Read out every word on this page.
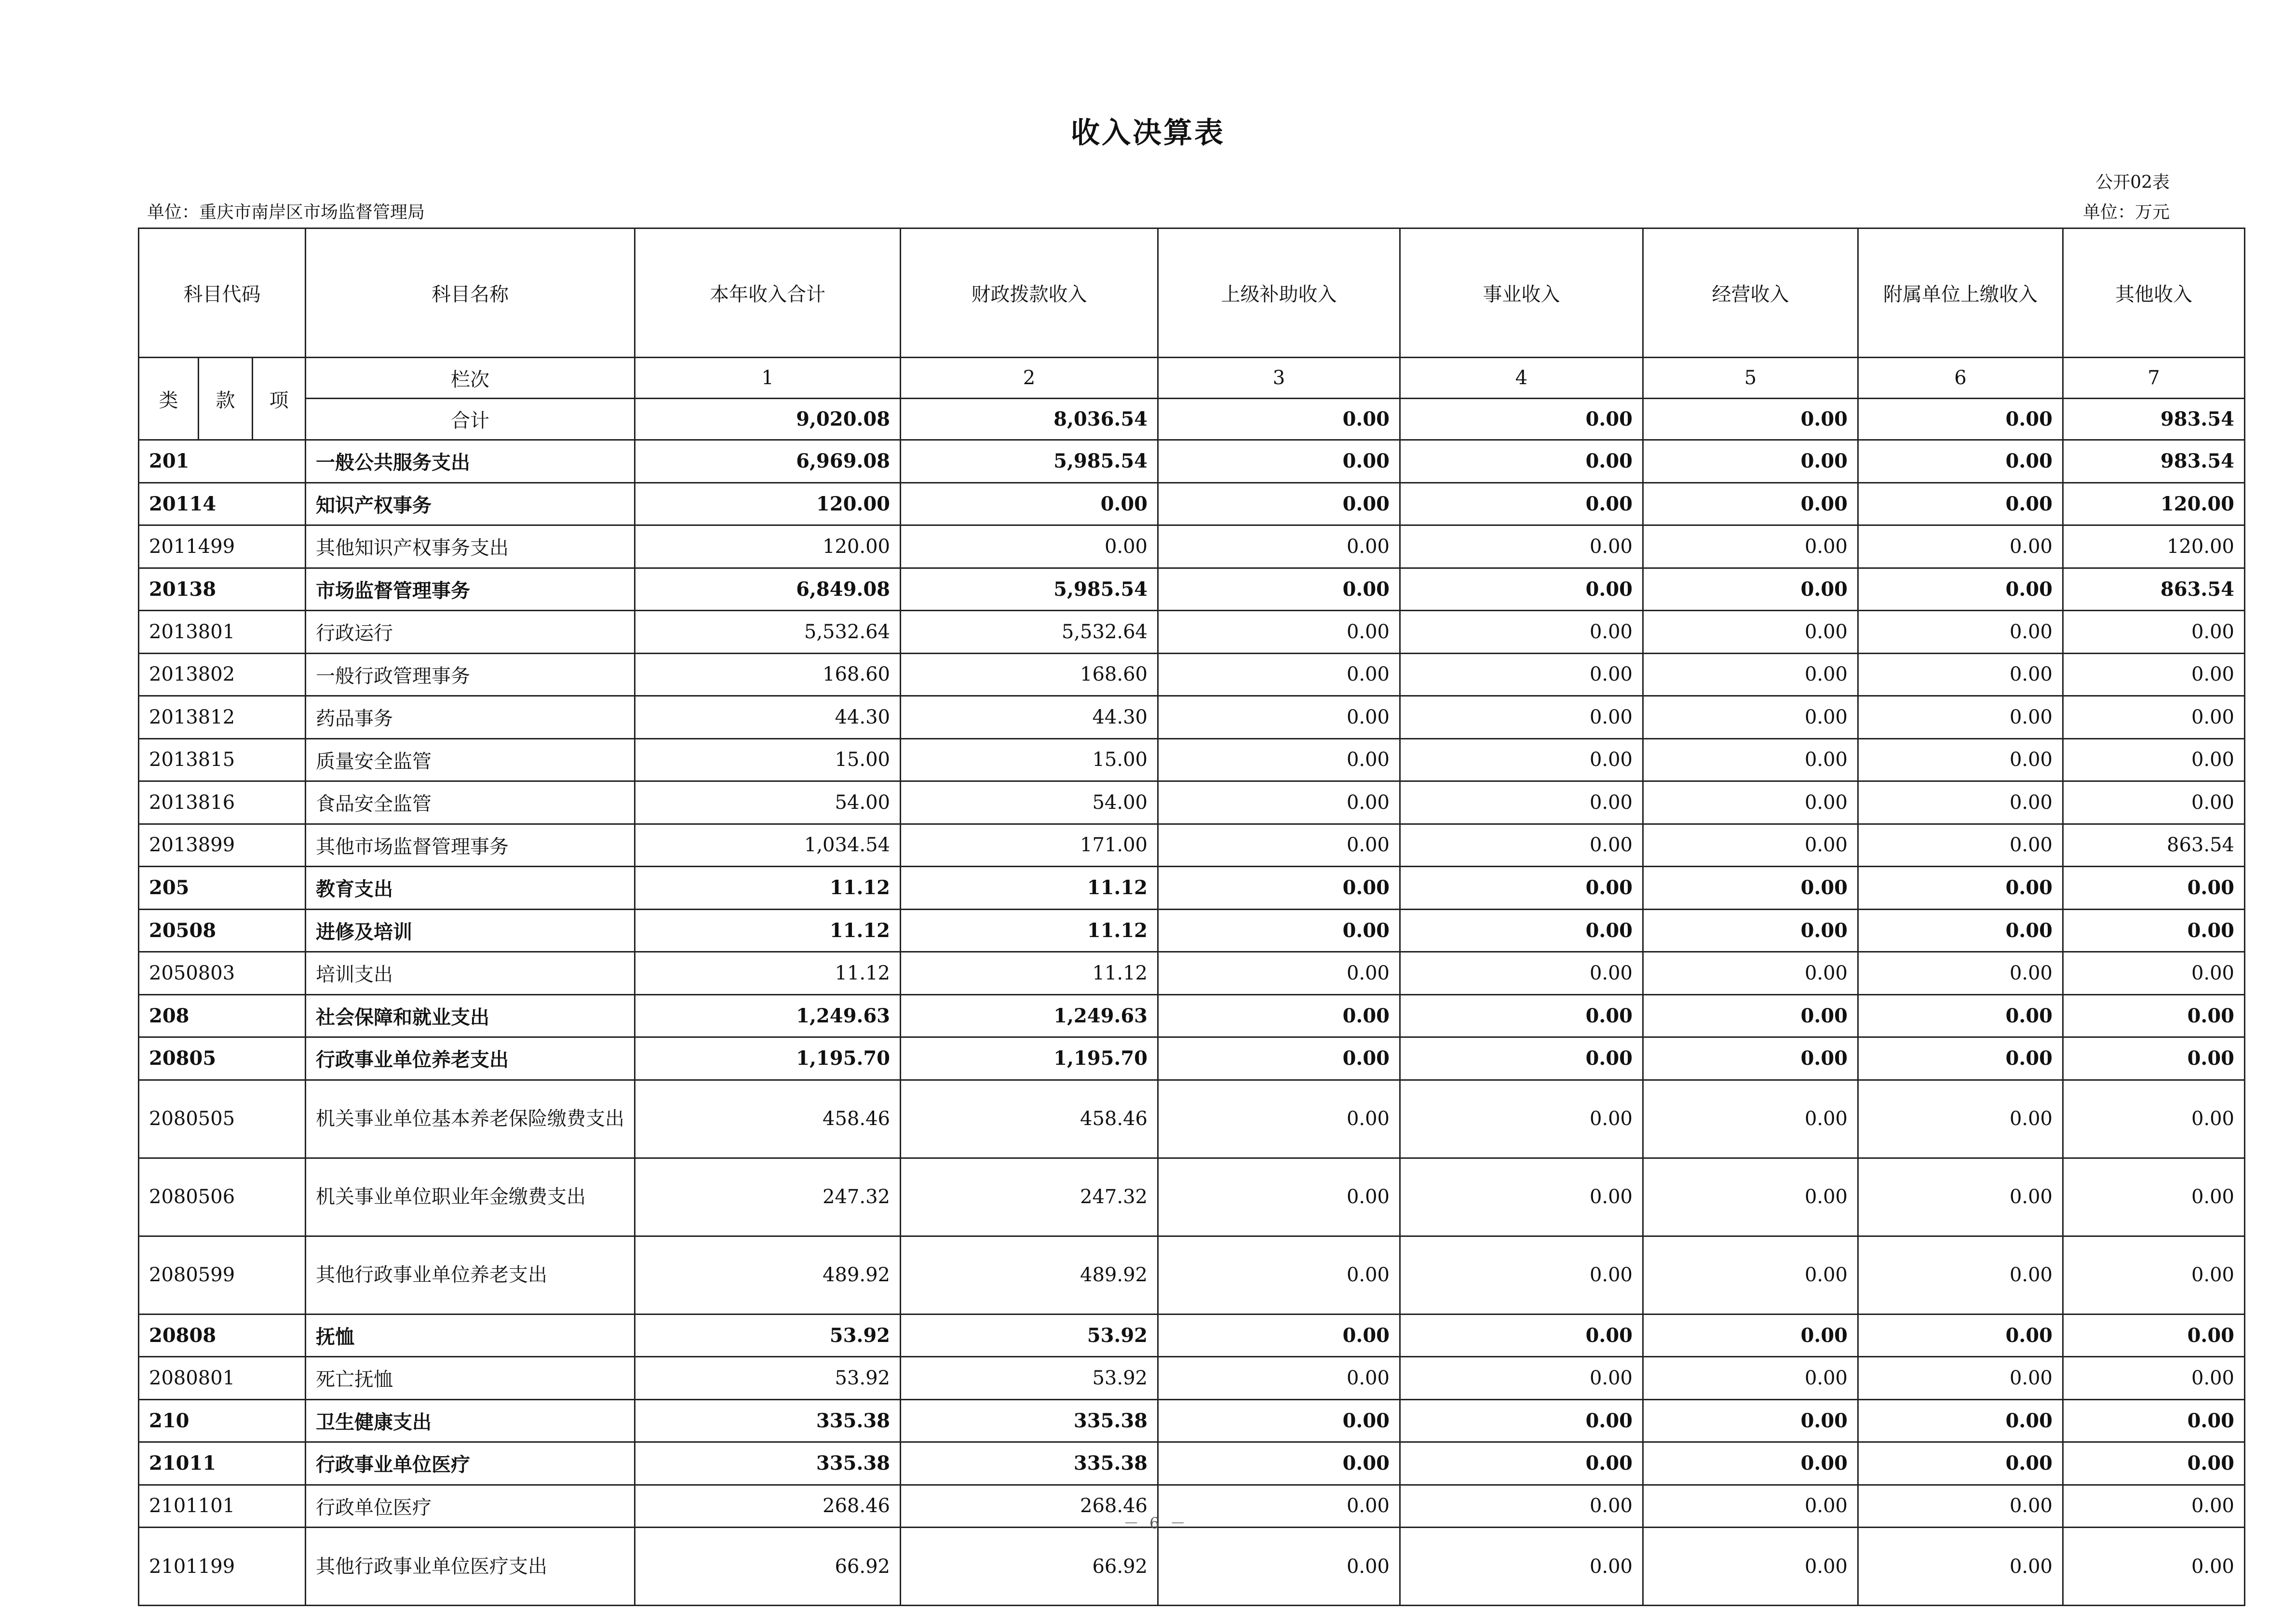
收入决算表
公开02表
单位：重庆市南岸区市场监督管理局	单位：万元
科目代码			科目名称	本年收入合计	财政拨款收入	上级补助收入	事业收入	经营收入	附属单位上缴收入	其他收入
类	款	项	栏次	1	2	3	4	5	6	7
			合计	9,020.08	8,036.54	0.00	0.00	0.00	0.00	983.54
201			一般公共服务支出	6,969.08	5,985.54	0.00	0.00	0.00	0.00	983.54
20114			知识产权事务	120.00	0.00	0.00	0.00	0.00	0.00	120.00
2011499			其他知识产权事务支出	120.00	0.00	0.00	0.00	0.00	0.00	120.00
20138			市场监督管理事务	6,849.08	5,985.54	0.00	0.00	0.00	0.00	863.54
2013801			行政运行	5,532.64	5,532.64	0.00	0.00	0.00	0.00	0.00
2013802			一般行政管理事务	168.60	168.60	0.00	0.00	0.00	0.00	0.00
2013812			药品事务	44.30	44.30	0.00	0.00	0.00	0.00	0.00
2013815			质量安全监管	15.00	15.00	0.00	0.00	0.00	0.00	0.00
2013816			食品安全监管	54.00	54.00	0.00	0.00	0.00	0.00	0.00
2013899			其他市场监督管理事务	1,034.54	171.00	0.00	0.00	0.00	0.00	863.54
205			教育支出	11.12	11.12	0.00	0.00	0.00	0.00	0.00
20508			进修及培训	11.12	11.12	0.00	0.00	0.00	0.00	0.00
2050803			培训支出	11.12	11.12	0.00	0.00	0.00	0.00	0.00
208			社会保障和就业支出	1,249.63	1,249.63	0.00	0.00	0.00	0.00	0.00
20805			行政事业单位养老支出	1,195.70	1,195.70	0.00	0.00	0.00	0.00	0.00
2080505			机关事业单位基本养老保险缴费支出	458.46	458.46	0.00	0.00	0.00	0.00	0.00
2080506			机关事业单位职业年金缴费支出	247.32	247.32	0.00	0.00	0.00	0.00	0.00
2080599			其他行政事业单位养老支出	489.92	489.92	0.00	0.00	0.00	0.00	0.00
20808			抚恤	53.92	53.92	0.00	0.00	0.00	0.00	0.00
2080801			死亡抚恤	53.92	53.92	0.00	0.00	0.00	0.00	0.00
210			卫生健康支出	335.38	335.38	0.00	0.00	0.00	0.00	0.00
21011			行政事业单位医疗	335.38	335.38	0.00	0.00	0.00	0.00	0.00
2101101			行政单位医疗	268.46	268.46	0.00	0.00	0.00	0.00	0.00
2101199			其他行政事业单位医疗支出	66.92	66.92	0.00	0.00	0.00	0.00	0.00
－ 6 －
